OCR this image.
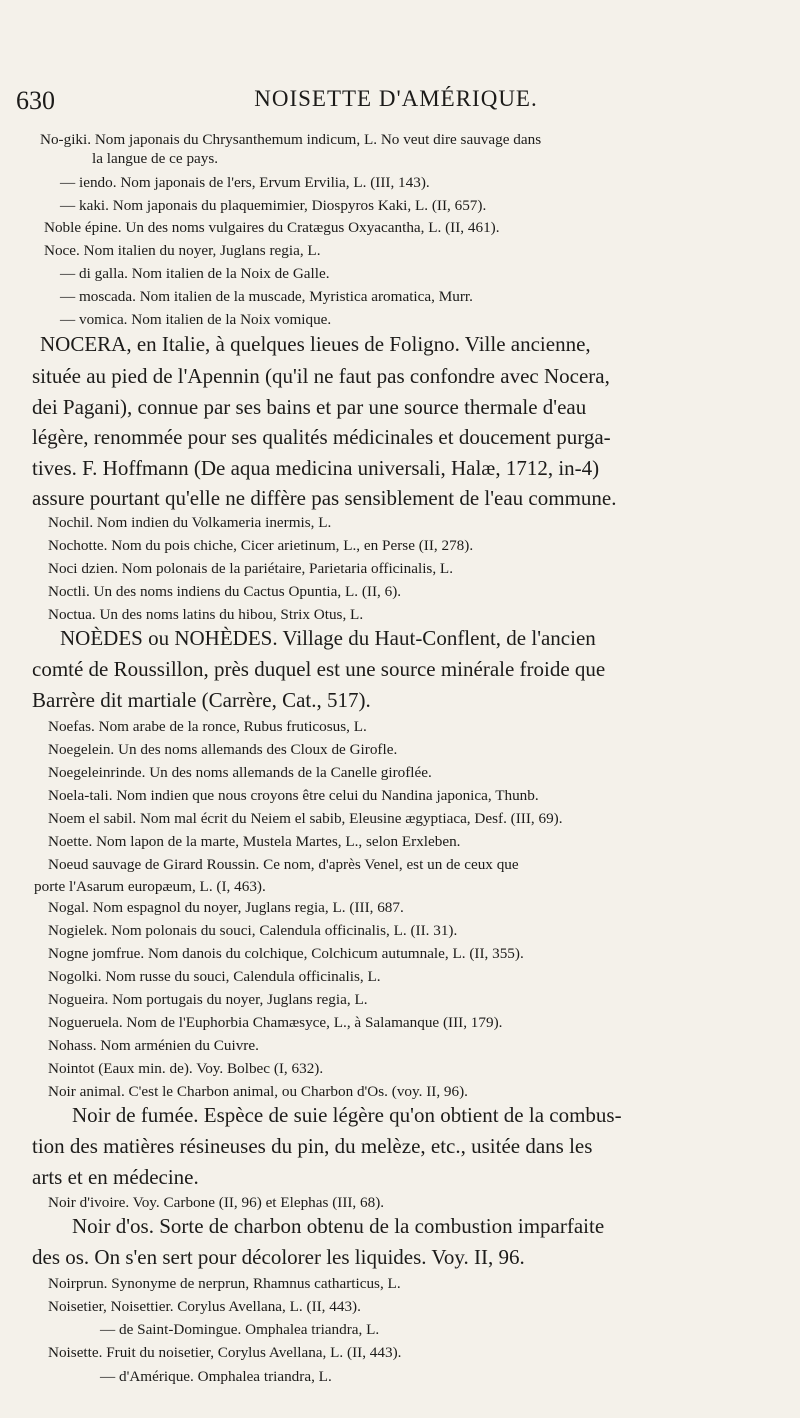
630	NOISETTE D'AMÉRIQUE.
No-giki. Nom japonais du Chrysanthemum indicum, L. No veut dire sauvage dans
la langue de ce pays.
— iendo. Nom japonais de l'ers, Ervum Ervilia, L. (III, 143).
— kaki. Nom japonais du plaquemimier, Diospyros Kaki, L. (II, 657).
Noble épine. Un des noms vulgaires du Cratægus Oxyacantha, L. (II, 461).
Noce. Nom italien du noyer, Juglans regia, L.
— di galla. Nom italien de la Noix de Galle.
— moscada. Nom italien de la muscade, Myristica aromatica, Murr.
— vomica. Nom italien de la Noix vomique.
NOCERA, en Italie, à quelques lieues de Foligno. Ville ancienne,
située au pied de l'Apennin (qu'il ne faut pas confondre avec Nocera,
dei Pagani), connue par ses bains et par une source thermale d'eau
légère, renommée pour ses qualités médicinales et doucement purga-
tives. F. Hoffmann (De aqua medicina universali, Halæ, 1712, in-4)
assure pourtant qu'elle ne diffère pas sensiblement de l'eau commune.
Nochil. Nom indien du Volkameria inermis, L.
Nochotte. Nom du pois chiche, Cicer arietinum, L., en Perse (II, 278).
Noci dzien. Nom polonais de la pariétaire, Parietaria officinalis, L.
Noctli. Un des noms indiens du Cactus Opuntia, L. (II, 6).
Noctua. Un des noms latins du hibou, Strix Otus, L.
NOÈDES ou NOHÈDES. Village du Haut-Conflent, de l'ancien
comté de Roussillon, près duquel est une source minérale froide que
Barrère dit martiale (Carrère, Cat., 517).
Noefas. Nom arabe de la ronce, Rubus fruticosus, L.
Noegelein. Un des noms allemands des Cloux de Girofle.
Noegeleinrinde. Un des noms allemands de la Canelle giroflée.
Noela-tali. Nom indien que nous croyons être celui du Nandina japonica, Thunb.
Noem el sabil. Nom mal écrit du Neiem el sabib, Eleusine ægyptiaca, Desf. (III, 69).
Noette. Nom lapon de la marte, Mustela Martes, L., selon Erxleben.
Noeud sauvage de Girard Roussin. Ce nom, d'après Venel, est un de ceux que
porte l'Asarum europæum, L. (I, 463).
Nogal. Nom espagnol du noyer, Juglans regia, L. (III, 687.
Nogielek. Nom polonais du souci, Calendula officinalis, L. (II. 31).
Nogne jomfrue. Nom danois du colchique, Colchicum autumnale, L. (II, 355).
Nogolki. Nom russe du souci, Calendula officinalis, L.
Nogueira. Nom portugais du noyer, Juglans regia, L.
Nogueruela. Nom de l'Euphorbia Chamæsyce, L., à Salamanque (III, 179).
Nohass. Nom arménien du Cuivre.
Nointot (Eaux min. de). Voy. Bolbec (I, 632).
Noir animal. C'est le Charbon animal, ou Charbon d'Os. (voy. II, 96).
Noir de fumée. Espèce de suie légère qu'on obtient de la combus-
tion des matières résineuses du pin, du melèze, etc., usitée dans les
arts et en médecine.
Noir d'ivoire. Voy. Carbone (II, 96) et Elephas (III, 68).
Noir d'os. Sorte de charbon obtenu de la combustion imparfaite
des os. On s'en sert pour décolorer les liquides. Voy. II, 96.
Noirprun. Synonyme de nerprun, Rhamnus catharticus, L.
Noisetier, Noisettier. Corylus Avellana, L. (II, 443).
— de Saint-Domingue. Omphalea triandra, L.
Noisette. Fruit du noisetier, Corylus Avellana, L. (II, 443).
— d'Amérique. Omphalea triandra, L.
